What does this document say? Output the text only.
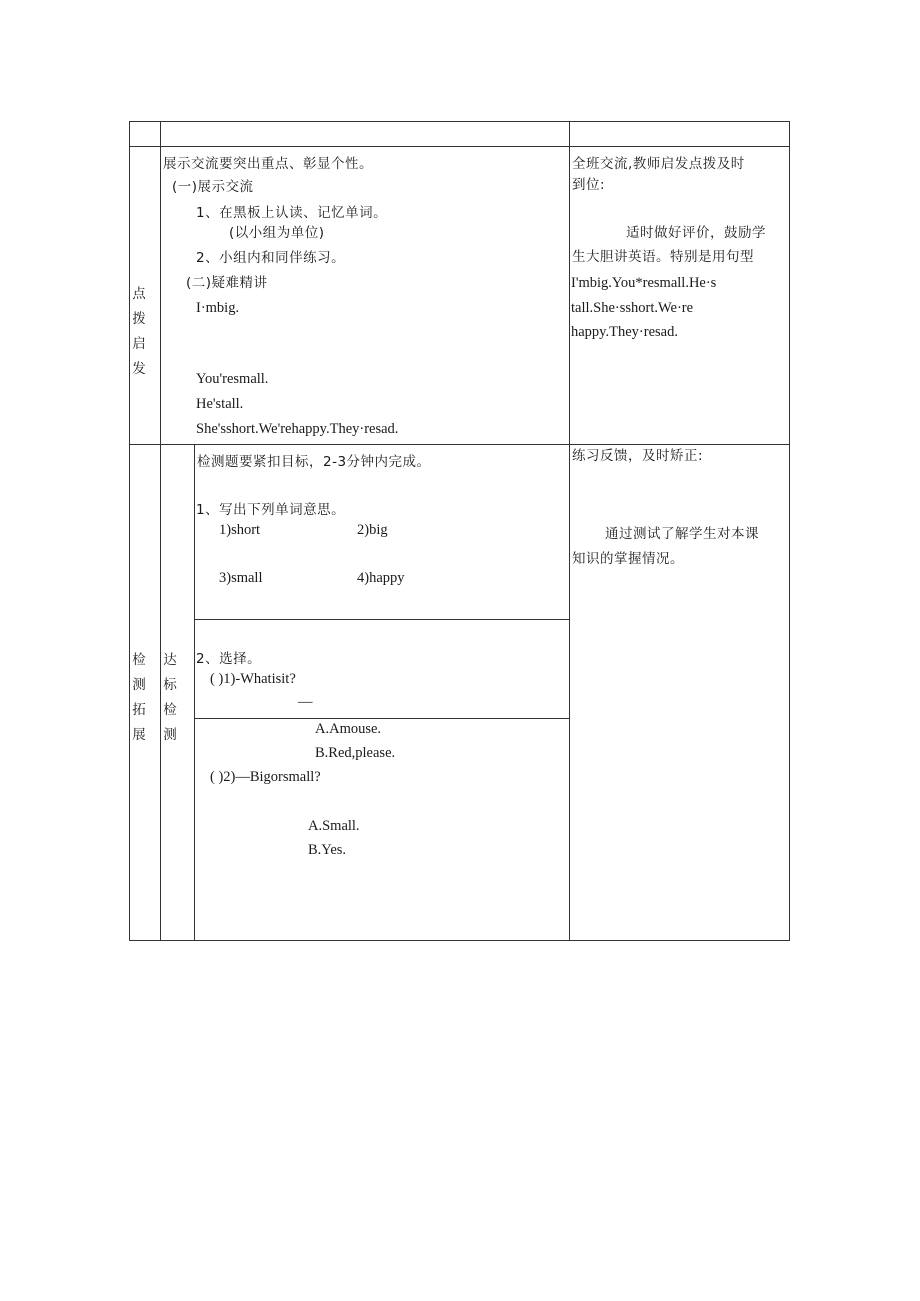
点
拨
启
发
展示交流要突出重点、彰显个性。
(一)展示交流
1、在黑板上认读、记忆单词。
(以小组为单位)
2、小组内和同伴练习。
(二)疑难精讲
I·mbig.
You'resmall.
He'stall.
She'sshort.We'rehappy.They·resad.
全班交流,教师启发点拨及时
到位:
适时做好评价，鼓励学
生大胆讲英语。特别是用句型
I'mbig.You*resmall.He·s
tall.She·sshort.We·re
happy.They·resad.
检
测
拓
展
达
标
检
测
检测题要紧扣目标，2-3分钟内完成。
1、写出下列单词意思。
1)short	2)big
3)small	4)happy
2、选择。
( )1)-Whatisit?
—
A.Amouse.
B.Red,please.
( )2)—Bigorsmall?
A.Small.
B.Yes.
练习反馈，及时矫正:
通过测试了解学生对本课
知识的掌握情况。
